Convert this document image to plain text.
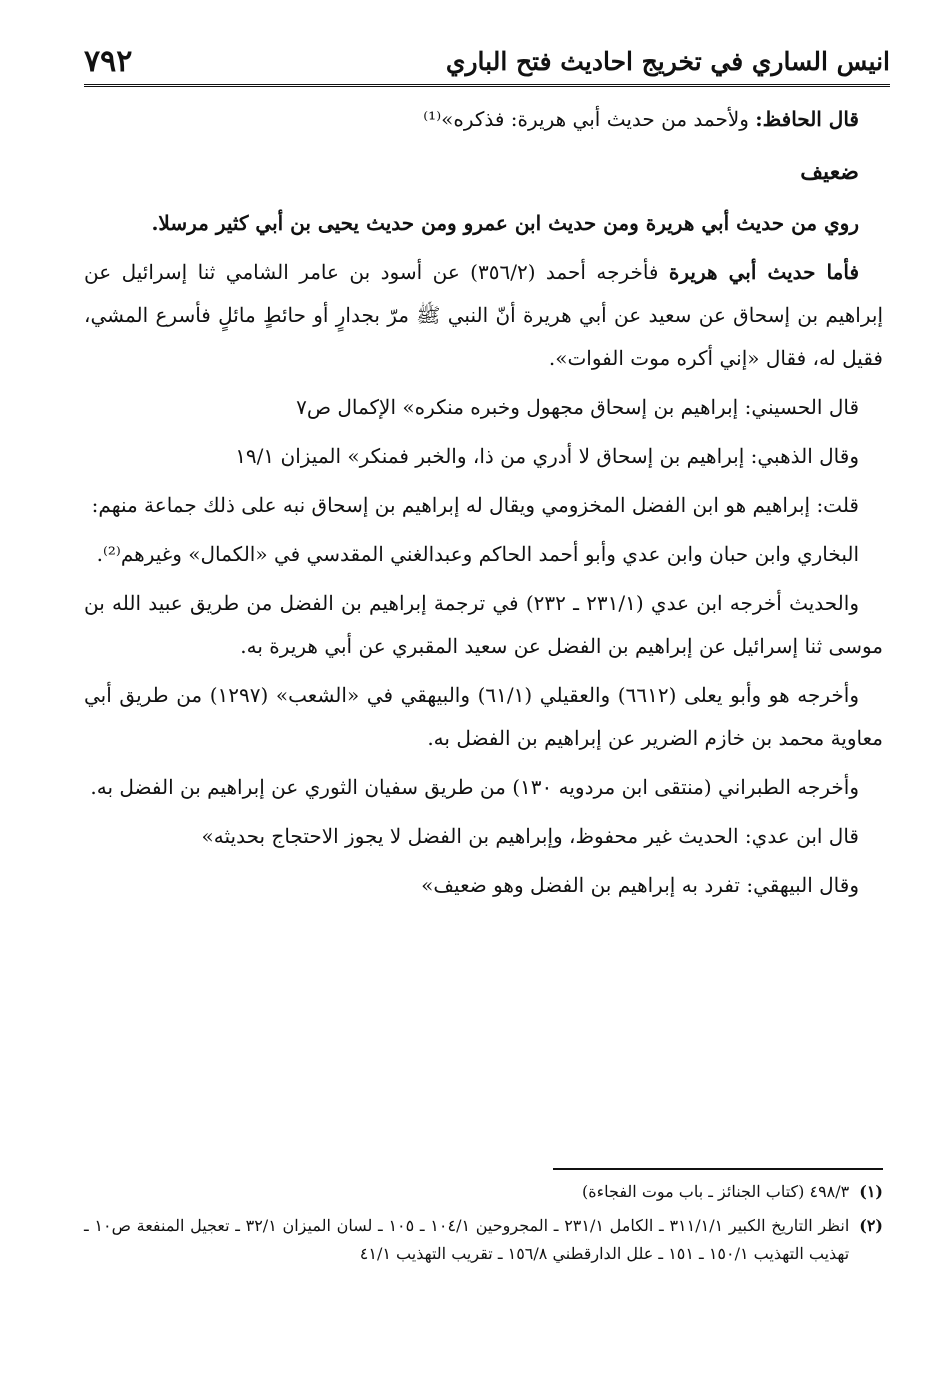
انيس الساري في تخريج احاديث فتح الباري
٧٩٢

قال الحافظ: ولأحمد من حديث أبي هريرة: فذكره»⁽¹⁾

ضعيف

روي من حديث أبي هريرة ومن حديث ابن عمرو ومن حديث يحيى بن أبي كثير مرسلا.

فأما حديث أبي هريرة فأخرجه أحمد (٣٥٦/٢) عن أسود بن عامر الشامي ثنا إسرائيل عن إبراهيم بن إسحاق عن سعيد عن أبي هريرة أنّ النبي ﷺ مرّ بجدارٍ أو حائطٍ مائلٍ فأسرع المشي، فقيل له، فقال «إني أكره موت الفوات».

قال الحسيني: إبراهيم بن إسحاق مجهول وخبره منكره» الإكمال ص٧

وقال الذهبي: إبراهيم بن إسحاق لا أدري من ذا، والخبر فمنكر» الميزان ١٩/١

قلت: إبراهيم هو ابن الفضل المخزومي ويقال له إبراهيم بن إسحاق نبه على ذلك جماعة منهم:

البخاري وابن حبان وابن عدي وأبو أحمد الحاكم وعبدالغني المقدسي في «الكمال» وغيرهم⁽²⁾.

والحديث أخرجه ابن عدي (٢٣١/١ ـ ٢٣٢) في ترجمة إبراهيم بن الفضل من طريق عبيد الله بن موسى ثنا إسرائيل عن إبراهيم بن الفضل عن سعيد المقبري عن أبي هريرة به.

وأخرجه هو وأبو يعلى (٦٦١٢) والعقيلي (٦١/١) والبيهقي في «الشعب» (١٢٩٧) من طريق أبي معاوية محمد بن خازم الضرير عن إبراهيم بن الفضل به.

وأخرجه الطبراني (منتقى ابن مردويه ١٣٠) من طريق سفيان الثوري عن إبراهيم بن الفضل به.

قال ابن عدي: الحديث غير محفوظ، وإبراهيم بن الفضل لا يجوز الاحتجاج بحديثه»

وقال البيهقي: تفرد به إبراهيم بن الفضل وهو ضعيف»

(١)
٤٩٨/٣ (كتاب الجنائز ـ باب موت الفجاءة)
(٢)
انظر التاريخ الكبير ٣١١/١/١ ـ الكامل ٢٣١/١ ـ المجروحين ١٠٤/١ ـ ١٠٥ ـ لسان الميزان ٣٢/١ ـ تعجيل المنفعة ص١٠ ـ تهذيب التهذيب ١٥٠/١ ـ ١٥١ ـ علل الدارقطني ١٥٦/٨ ـ تقريب التهذيب ٤١/١
